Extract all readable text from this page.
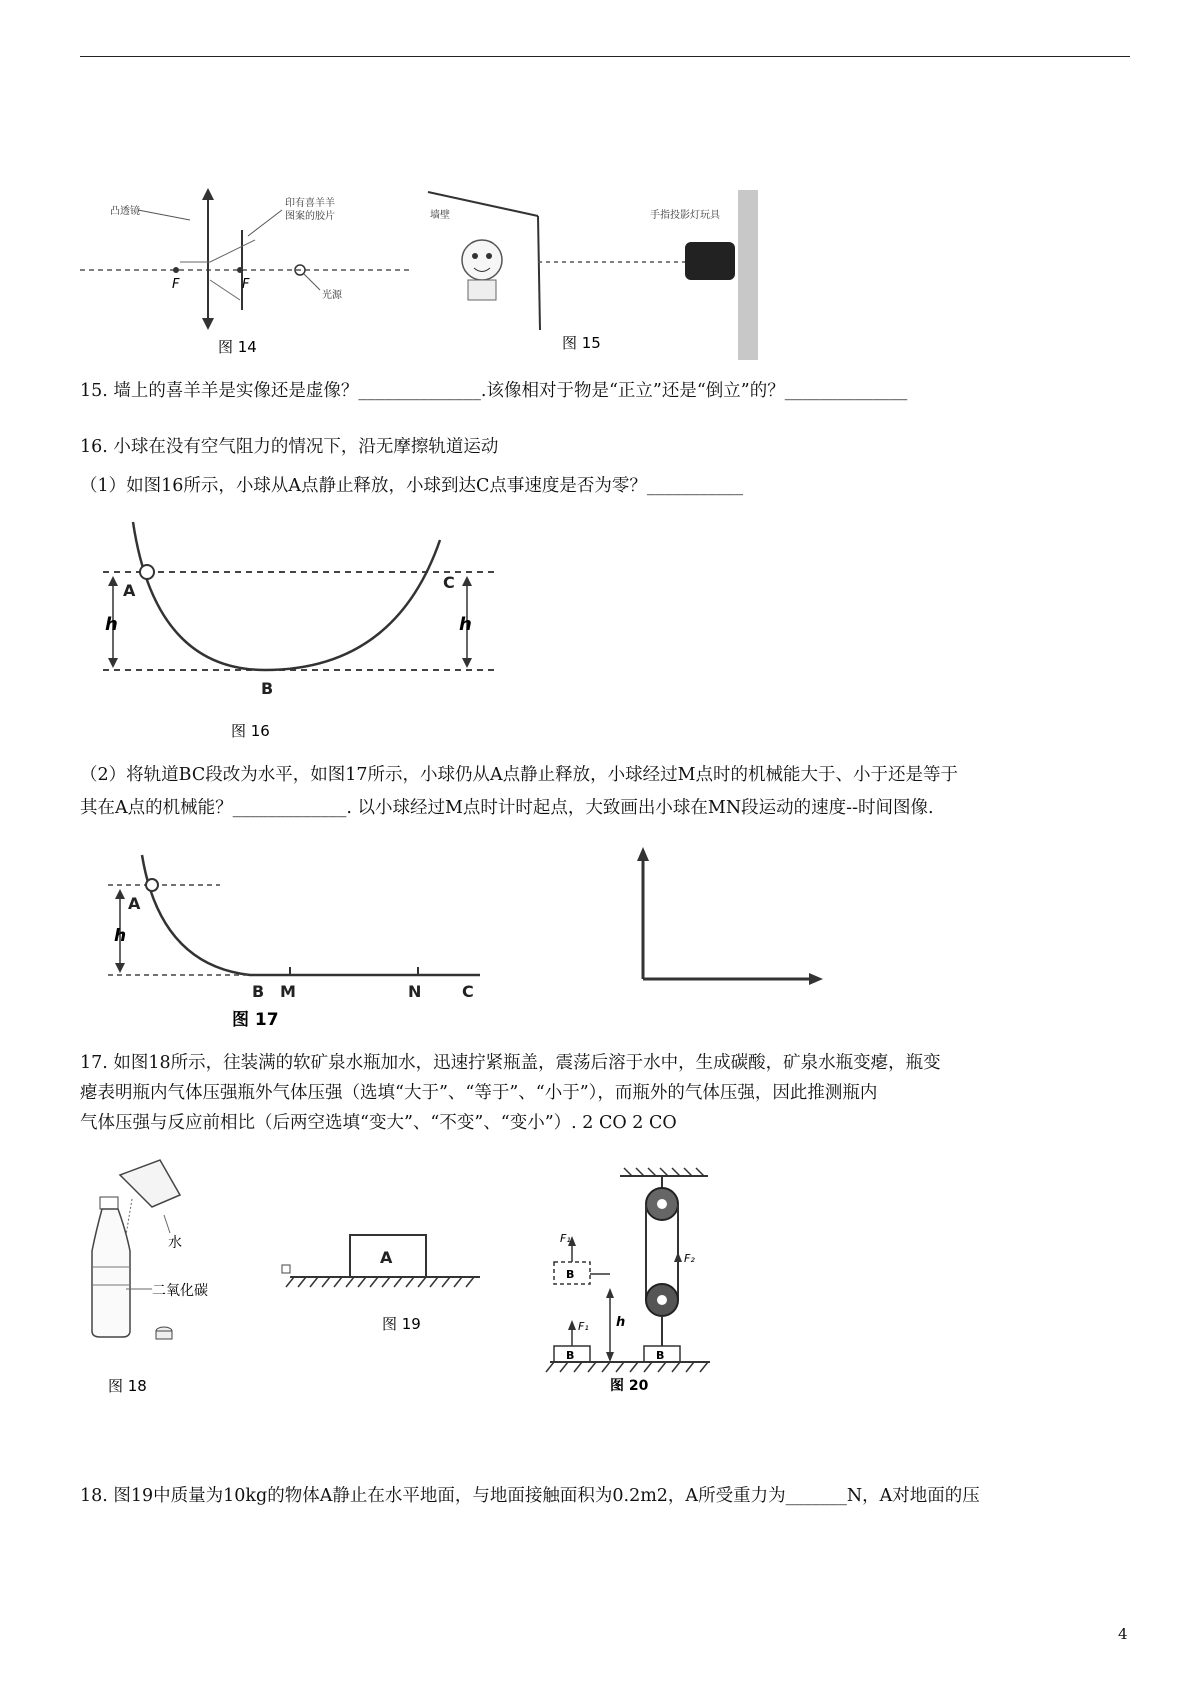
凸透镜
印有喜羊羊图案的胶片
F	F
光源
图 14
墙壁	手指投影灯玩具
图 15
15. 墙上的喜羊羊是实像还是虚像？______________.该像相对于物是“正立”还是“倒立”的？______________
16. 小球在没有空气阻力的情况下，沿无摩擦轨道运动
（1）如图16所示，小球从A点静止释放，小球到达C点事速度是否为零？___________
A	C
h	h
B
图 16
（2）将轨道BC段改为水平，如图17所示，小球仍从A点静止释放，小球经过M点时的机械能大于、小于还是等于
其在A点的机械能？_____________. 以小球经过M点时计时起点，大致画出小球在MN段运动的速度--时间图像.
A
h
B M	N	C
图 17
17. 如图18所示，往装满的软矿泉水瓶加水，迅速拧紧瓶盖，震荡后溶于水中，生成碳酸，矿泉水瓶变瘪，瓶变
瘪表明瓶内气体压强瓶外气体压强（选填“大于”、“等于”、“小于”），而瓶外的气体压强，因此推测瓶内
气体压强与反应前相比（后两空选填“变大”、“不变”、“变小”）. 2 CO 2 CO
水
二氧化碳
图 18
A
图 19
F₁
F₁
F₂
B
B	B
h
图 20
18. 图19中质量为10kg的物体A静止在水平地面，与地面接触面积为0.2m2，A所受重力为_______N，A对地面的压
4
